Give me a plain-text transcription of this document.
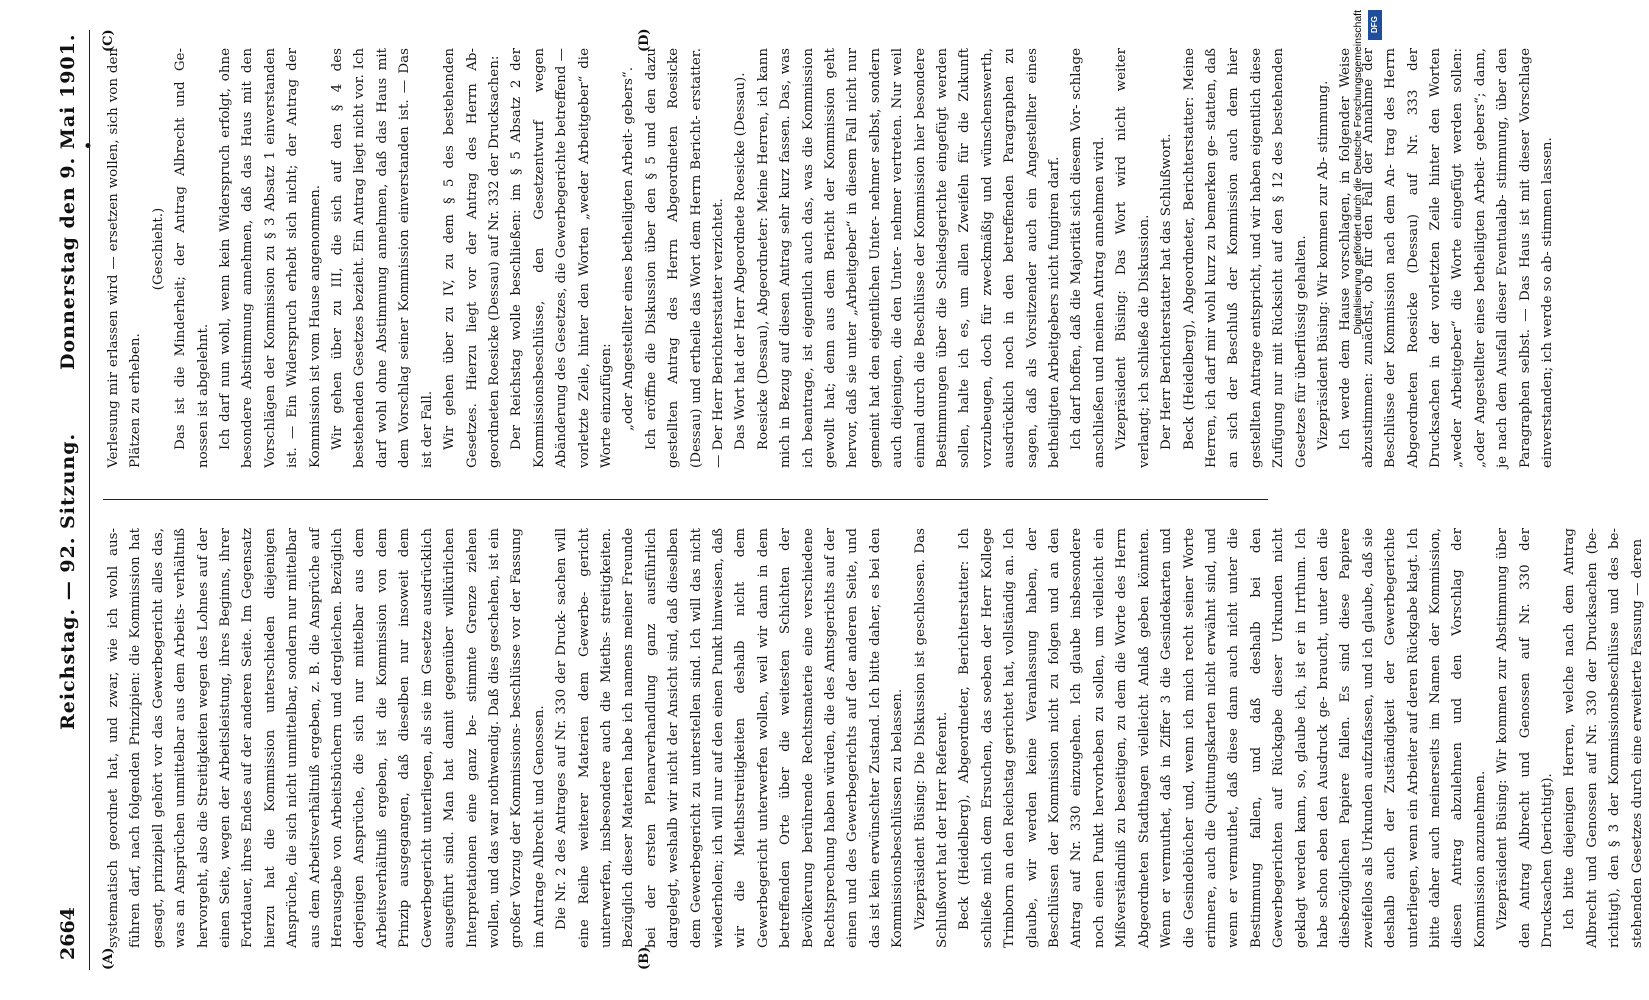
2664
Reichstag. — 92. Sitzung.
Donnerstag den 9. Mai 1901. •
(A)	(B)
(C)	(D)

systematisch geordnet hat, und zwar, wie ich wohl aus- führen darf, nach folgenden Prinzipien: die Kommission hat gesagt, prinzipiell gehört vor das Gewerbegericht alles das, was an Ansprüchen unmittelbar aus dem Arbeits- verhältniß hervorgeht, also die Streitigkeiten wegen des Lohnes auf der einen Seite, wegen der Arbeitsleistung, ihres Beginns, ihrer Fortdauer, ihres Endes auf der anderen Seite. Im Gegensatz hierzu hat die Kommission unterschieden diejenigen Ansprüche, die sich nicht unmittelbar, sondern nur mittelbar aus dem Arbeitsverhältniß ergeben, z. B. die Ansprüche auf Herausgabe von Arbeitsbüchern und dergleichen. Bezüglich derjenigen Ansprüche, die sich nur mittelbar aus dem Arbeitsverhältniß ergeben, ist die Kommission von dem Prinzip ausgegangen, daß dieselben nur insoweit dem Gewerbegericht unterliegen, als sie im Gesetze ausdrücklich ausgeführt sind. Man hat damit gegenüber willkürlichen Interpretationen eine ganz be- stimmte Grenze ziehen wollen, und das war nothwendig. Daß dies geschehen, ist ein großer Vorzug der Kommissions- beschlüsse vor der Fassung im Antrage Albrecht und Genossen. Die Nr. 2 des Antrages auf Nr. 330 der Druck- sachen will eine Reihe weiterer Materien dem Gewerbe- gericht unterwerfen, insbesondere auch die Mieths- streitigkeiten. Bezüglich dieser Materien habe ich namens meiner Freunde bei der ersten Plenarverhandlung ganz ausführlich dargelegt, weshalb wir nicht der Ansicht sind, daß dieselben dem Gewerbegericht zu unterstellen sind. Ich will das nicht wiederholen; ich will nur auf den einen Punkt hinweisen, daß wir die Miethsstreitigkeiten deshalb nicht dem Gewerbegericht unterwerfen wollen, weil wir dann in dem betreffenden Orte über die weitesten Schichten der Bevölkerung berührende Rechtsmaterie eine verschiedene Rechtsprechung haben würden, die des Amtsgerichts auf der einen und des Gewerbegerichts auf der anderen Seite, und das ist kein erwünschter Zustand. Ich bitte daher, es bei den Kommissionsbeschlüssen zu belassen. Vizepräsident Büsing: Die Diskussion ist geschlossen. Das Schlußwort hat der Herr Referent. Beck (Heidelberg), Abgeordneter, Berichterstatter: Ich schließe mich dem Ersuchen, das soeben der Herr Kollege Trimborn an den Reichstag gerichtet hat, vollständig an. Ich glaube, wir werden keine Veranlassung haben, der Beschlüssen der Kommission nicht zu folgen und an den Antrag auf Nr. 330 einzugehen. Ich glaube insbesondere noch einen Punkt hervorheben zu sollen, um vielleicht ein Mißverständniß zu beseitigen, zu dem die Worte des Herrn Abgeordneten Stadthagen vielleicht Anlaß geben könnten. Wenn er vermuthet, daß in Ziffer 3 die Gesindekarten und die Gesindebücher und, wenn ich mich recht seiner Worte erinnere, auch die Quittungskarten nicht erwähnt sind, und wenn er vermuthet, daß diese dann auch nicht unter die Bestimmung fallen, und daß deshalb bei den Gewerbegerichten auf Rückgabe dieser Urkunden nicht geklagt werden kann, so, glaube ich, ist er in Irrthum. Ich habe schon eben den Ausdruck ge- braucht, unter den die diesbezüglichen Papiere fallen. Es sind diese Papiere zweifellos als Urkunden aufzufassen, und ich glaube, daß sie deshalb auch der Zuständigkeit der Gewerbegerichte unterliegen, wenn ein Arbeiter auf deren Rückgabe klagt. Ich bitte daher auch meinerseits im Namen der Kommission, diesen Antrag abzulehnen und den Vorschlag der Kommission anzunehmen. Vizepräsident Büsing: Wir kommen zur Abstimmung über den Antrag Albrecht und Genossen auf Nr. 330 der Drucksachen (berichtigt). Ich bitte diejenigen Herren, welche nach dem Antrag Albrecht und Genossen auf Nr. 330 der Drucksachen (be- richtigt), den § 3 der Kommissionsbeschlüsse und des be- stehenden Gesetzes durch eine erweiterte Fassung — deren

Verlesung mir erlassen wird — ersetzen wollen, sich von den Plätzen zu erheben.

(Geschieht.) Das ist die Minderheit; der Antrag Albrecht und Ge- nossen ist abgelehnt. Ich darf nun wohl, wenn kein Widerspruch erfolgt, ohne besondere Abstimmung annehmen, daß das Haus mit den Vorschlägen der Kommission zu § 3 Absatz 1 einverstanden ist. — Ein Widerspruch erhebt sich nicht; der Antrag der Kommission ist vom Hause angenommen. Wir gehen über zu III, die sich auf den § 4 des bestehenden Gesetzes bezieht. Ein Antrag liegt nicht vor. Ich darf wohl ohne Abstimmung annehmen, daß das Haus mit dem Vorschlag seiner Kommission einverstanden ist. — Das ist der Fall. Wir gehen über zu IV, zu dem § 5 des bestehenden Gesetzes. Hierzu liegt vor der Antrag des Herrn Ab- geordneten Roesicke (Dessau) auf Nr. 332 der Drucksachen: Der Reichstag wolle beschließen: im § 5 Absatz 2 der Kommissionsbeschlüsse, den Gesetzentwurf wegen Abänderung des Gesetzes, die Gewerbegerichte betreffend — vorletzte Zeile, hinter den Worten „weder Arbeitgeber“ die Worte einzufügen: „oder Angestellter eines betheiligten Arbeit- gebers“. Ich eröffne die Diskussion über den § 5 und den dazu gestellten Antrag des Herrn Abgeordneten Roesicke (Dessau) und ertheile das Wort dem Herrn Bericht- erstatter. — Der Herr Berichterstatter verzichtet. Das Wort hat der Herr Abgeordnete Roesicke (Dessau). Roesicke (Dessau), Abgeordneter: Meine Herren, ich kann mich in Bezug auf diesen Antrag sehr kurz fassen. Das, was ich beantrage, ist eigentlich auch das, was die Kommission gewollt hat; denn aus dem Bericht der Kommission geht hervor, daß sie unter „Arbeitgeber“ in diesem Fall nicht nur gemeint hat den eigentlichen Unter- nehmer selbst, sondern auch diejenigen, die den Unter- nehmer vertreten. Nur weil einmal durch die Beschlüsse der Kommission hier besondere Bestimmungen über die Schiedsgerichte eingefügt werden sollen, halte ich es, um allen Zweifeln für die Zukunft vorzubeugen, doch für zweckmäßig und wünschenswerth, ausdrücklich noch in den betreffenden Paragraphen zu sagen, daß als Vorsitzender auch ein Angestellter eines betheiligten Arbeitgebers nicht fungiren darf. Ich darf hoffen, daß die Majorität sich diesem Vor- schlage anschließen und meinen Antrag annehmen wird. Vizepräsident Büsing: Das Wort wird nicht weiter verlangt; ich schließe die Diskussion. Der Herr Berichterstatter hat das Schlußwort. Beck (Heidelberg), Abgeordneter, Berichterstatter: Meine Herren, ich darf mir wohl kurz zu bemerken ge- statten, daß an sich der Beschluß der Kommission auch dem hier gestellten Antrage entspricht, und wir haben eigentlich diese Zufügung nur mit Rücksicht auf den § 12 des bestehenden Gesetzes für überflüssig gehalten. Vizepräsident Büsing: Wir kommen zur Ab- stimmung. Ich werde dem Hause vorschlagen, in folgender Weise abzustimmen: zunächst, ob für den Fall der Annahme der Beschlüsse der Kommission nach dem An- trag des Herrn Abgeordneten Roesicke (Dessau) auf Nr. 333 der Drucksachen in der vorletzten Zeile hinter den Worten „weder Arbeitgeber“ die Worte eingefügt werden sollen: „oder Angestellter eines betheiligten Arbeit- gebers“; dann, je nach dem Ausfall dieser Eventualab- stimmung, über den Paragraphen selbst. — Das Haus ist mit dieser Vorschlage einverstanden; ich werde so ab- stimmen lassen.

DFG
Digitalisierung gefördert durch die Deutsche Forschungsgemeinschaft
